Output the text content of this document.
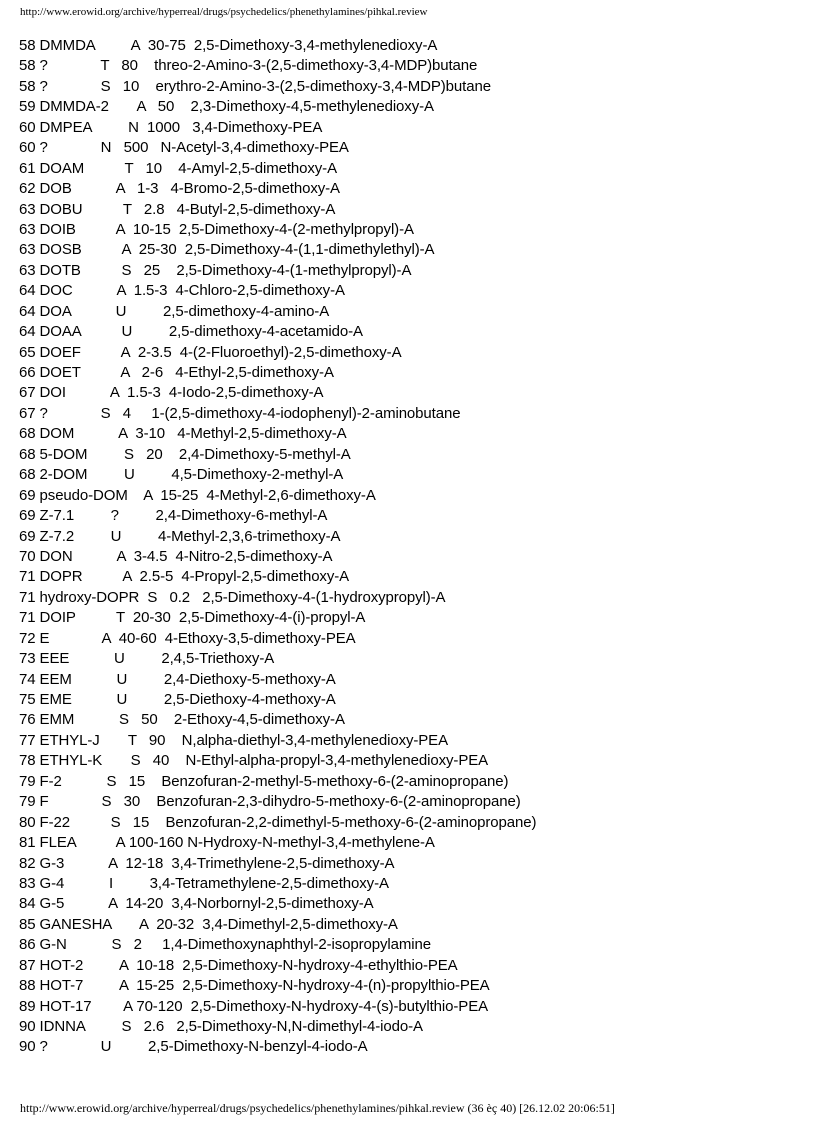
http://www.erowid.org/archive/hyperreal/drugs/psychedelics/phenethylamines/pihkal.review
58 DMMDA         A  30-75  2,5-Dimethoxy-3,4-methylenedioxy-A
58 ?             T   80    threo-2-Amino-3-(2,5-dimethoxy-3,4-MDP)butane
58 ?             S   10    erythro-2-Amino-3-(2,5-dimethoxy-3,4-MDP)butane
59 DMMDA-2       A   50    2,3-Dimethoxy-4,5-methylenedioxy-A
60 DMPEA         N  1000   3,4-Dimethoxy-PEA
60 ?             N   500   N-Acetyl-3,4-dimethoxy-PEA
61 DOAM          T   10    4-Amyl-2,5-dimethoxy-A
62 DOB           A   1-3   4-Bromo-2,5-dimethoxy-A
63 DOBU          T   2.8   4-Butyl-2,5-dimethoxy-A
63 DOIB          A  10-15  2,5-Dimethoxy-4-(2-methylpropyl)-A
63 DOSB          A  25-30  2,5-Dimethoxy-4-(1,1-dimethylethyl)-A
63 DOTB          S   25    2,5-Dimethoxy-4-(1-methylpropyl)-A
64 DOC           A  1.5-3  4-Chloro-2,5-dimethoxy-A
64 DOA           U         2,5-dimethoxy-4-amino-A
64 DOAA          U         2,5-dimethoxy-4-acetamido-A
65 DOEF          A  2-3.5  4-(2-Fluoroethyl)-2,5-dimethoxy-A
66 DOET          A   2-6   4-Ethyl-2,5-dimethoxy-A
67 DOI           A  1.5-3  4-Iodo-2,5-dimethoxy-A
67 ?             S   4     1-(2,5-dimethoxy-4-iodophenyl)-2-aminobutane
68 DOM           A  3-10   4-Methyl-2,5-dimethoxy-A
68 5-DOM         S   20    2,4-Dimethoxy-5-methyl-A
68 2-DOM         U         4,5-Dimethoxy-2-methyl-A
69 pseudo-DOM    A  15-25  4-Methyl-2,6-dimethoxy-A
69 Z-7.1         ?         2,4-Dimethoxy-6-methyl-A
69 Z-7.2         U         4-Methyl-2,3,6-trimethoxy-A
70 DON           A  3-4.5  4-Nitro-2,5-dimethoxy-A
71 DOPR          A  2.5-5  4-Propyl-2,5-dimethoxy-A
71 hydroxy-DOPR  S   0.2   2,5-Dimethoxy-4-(1-hydroxypropyl)-A
71 DOIP          T  20-30  2,5-Dimethoxy-4-(i)-propyl-A
72 E             A  40-60  4-Ethoxy-3,5-dimethoxy-PEA
73 EEE           U         2,4,5-Triethoxy-A
74 EEM           U         2,4-Diethoxy-5-methoxy-A
75 EME           U         2,5-Diethoxy-4-methoxy-A
76 EMM           S   50    2-Ethoxy-4,5-dimethoxy-A
77 ETHYL-J       T   90    N,alpha-diethyl-3,4-methylenedioxy-PEA
78 ETHYL-K       S   40    N-Ethyl-alpha-propyl-3,4-methylenedioxy-PEA
79 F-2           S   15    Benzofuran-2-methyl-5-methoxy-6-(2-aminopropane)
79 F             S   30    Benzofuran-2,3-dihydro-5-methoxy-6-(2-aminopropane)
80 F-22          S   15    Benzofuran-2,2-dimethyl-5-methoxy-6-(2-aminopropane)
81 FLEA          A 100-160 N-Hydroxy-N-methyl-3,4-methylene-A
82 G-3           A  12-18  3,4-Trimethylene-2,5-dimethoxy-A
83 G-4           I         3,4-Tetramethylene-2,5-dimethoxy-A
84 G-5           A  14-20  3,4-Norbornyl-2,5-dimethoxy-A
85 GANESHA       A  20-32  3,4-Dimethyl-2,5-dimethoxy-A
86 G-N           S   2     1,4-Dimethoxynaphthyl-2-isopropylamine
87 HOT-2         A  10-18  2,5-Dimethoxy-N-hydroxy-4-ethylthio-PEA
88 HOT-7         A  15-25  2,5-Dimethoxy-N-hydroxy-4-(n)-propylthio-PEA
89 HOT-17        A 70-120  2,5-Dimethoxy-N-hydroxy-4-(s)-butylthio-PEA
90 IDNNA         S   2.6   2,5-Dimethoxy-N,N-dimethyl-4-iodo-A
90 ?             U         2,5-Dimethoxy-N-benzyl-4-iodo-A
http://www.erowid.org/archive/hyperreal/drugs/psychedelics/phenethylamines/pihkal.review (36 èç 40) [26.12.02 20:06:51]
